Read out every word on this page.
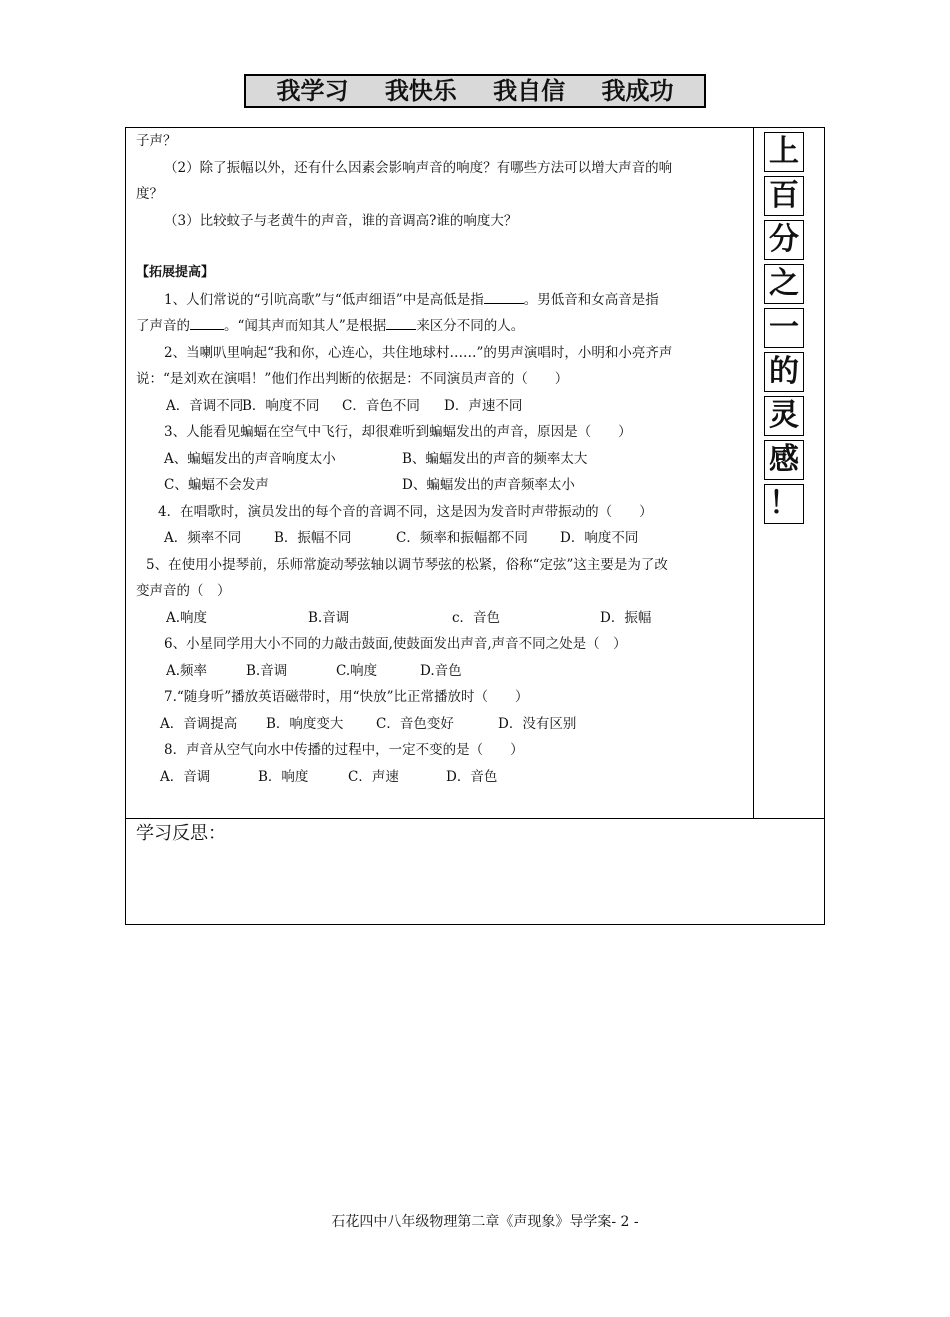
我学习 我快乐 我自信 我成功

子声？

（2）除了振幅以外，还有什么因素会影响声音的响度？有哪些方法可以增大声音的响

度？

（3）比较蚊子与老黄牛的声音，谁的音调高?谁的响度大？

【拓展提高】

1、人们常说的“引吭高歌”与“低声细语”中是高低是指	。男低音和女高音是指

了声音的	。“闻其声而知其人”是根据 来区分不同的人。

2、当喇叭里响起“我和你，心连心，共住地球村……”的男声演唱时，小明和小亮齐声

说：“是刘欢在演唱！”他们作出判断的依据是：不同演员声音的（　　）

A．音调不同B．响度不同 C．音色不同 D．声速不同

3、人能看见蝙蝠在空气中飞行，却很难听到蝙蝠发出的声音，原因是（　　）

A、蝙蝠发出的声音响度太小	B、蝙蝠发出的声音的频率太大

C、蝙蝠不会发声	D、蝙蝠发出的声音频率太小

4．在唱歌时，演员发出的每个音的音调不同，这是因为发音时声带振动的（　　）

A．频率不同 B．振幅不同	C．频率和振幅都不同 D．响度不同

5、在使用小提琴前，乐师常旋动琴弦轴以调节琴弦的松紧，俗称“定弦”这主要是为了改

变声音的（　）

A.响度	B.音调	c．音色	D．振幅

6、小星同学用大小不同的力敲击鼓面,使鼓面发出声音,声音不同之处是（　）

A.频率	B.音调	C.响度	D.音色

7.“随身听”播放英语磁带时，用“快放”比正常播放时（　　）

A．音调提高 B．响度变大 C．音色变好	D．没有区别

8．声音从空气向水中传播的过程中，一定不变的是（　　）

A．音调	B．响度	C．声速	D．音色

上
百
分
之
一
的
灵
感
！
学习反思：
石花四中八年级物理第二章《声现象》导学案- 2 -
